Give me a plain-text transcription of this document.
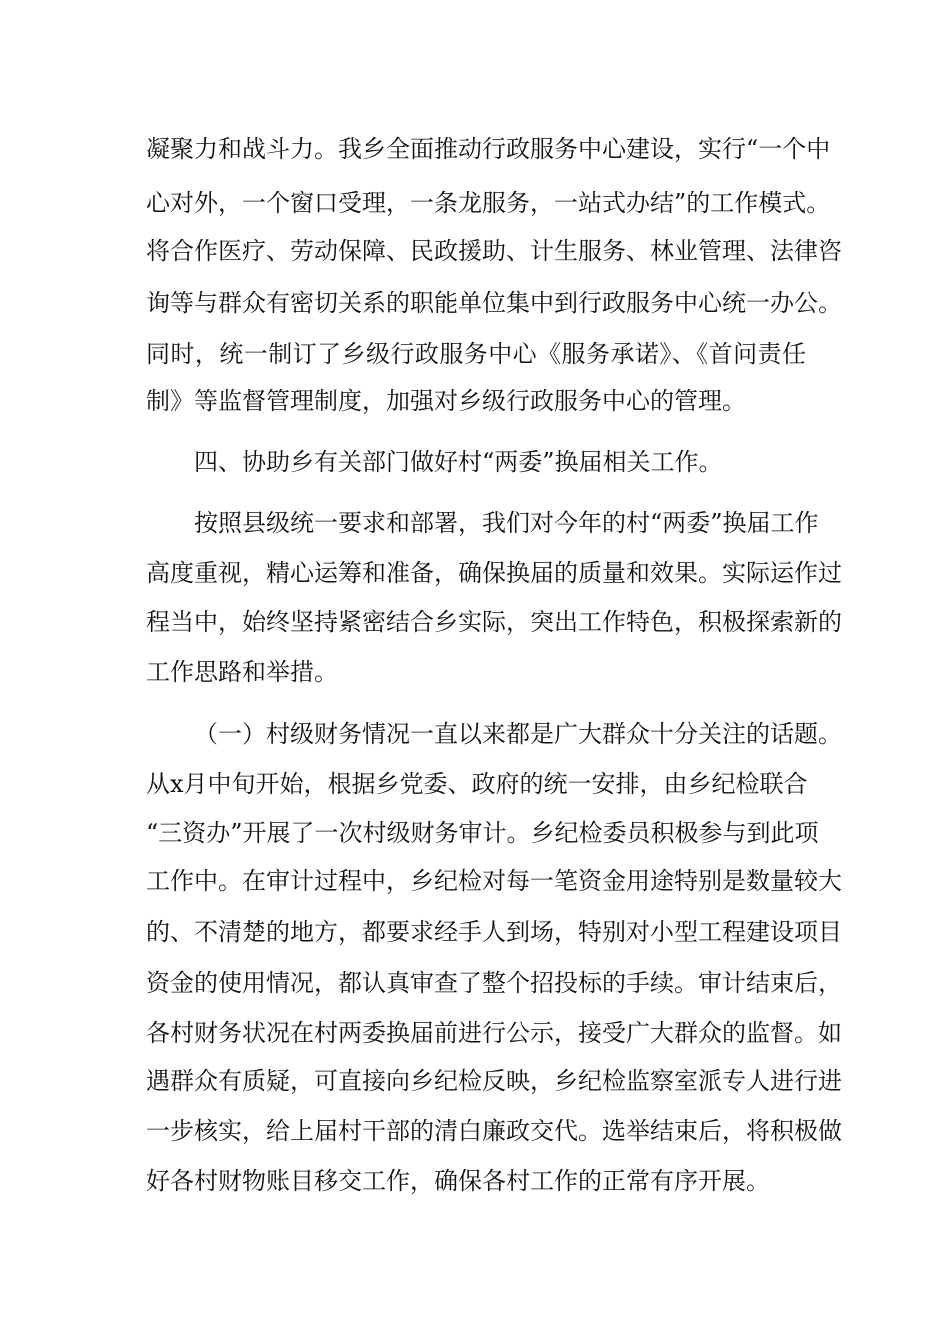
凝聚力和战斗力。我乡全面推动行政服务中心建设，实行“一个中
心对外，一个窗口受理，一条龙服务，一站式办结”的工作模式。
将合作医疗、劳动保障、民政援助、计生服务、林业管理、法律咨
询等与群众有密切关系的职能单位集中到行政服务中心统一办公。
同时，统一制订了乡级行政服务中心《服务承诺》、《首问责任
制》等监督管理制度，加强对乡级行政服务中心的管理。
四、协助乡有关部门做好村“两委”换届相关工作。
按照县级统一要求和部署，我们对今年的村“两委”换届工作
高度重视，精心运筹和准备，确保换届的质量和效果。实际运作过
程当中，始终坚持紧密结合乡实际，突出工作特色，积极探索新的
工作思路和举措。
（一）村级财务情况一直以来都是广大群众十分关注的话题。
从x月中旬开始，根据乡党委、政府的统一安排，由乡纪检联合
“三资办”开展了一次村级财务审计。乡纪检委员积极参与到此项
工作中。在审计过程中，乡纪检对每一笔资金用途特别是数量较大
的、不清楚的地方，都要求经手人到场，特别对小型工程建设项目
资金的使用情况，都认真审查了整个招投标的手续。审计结束后，
各村财务状况在村两委换届前进行公示，接受广大群众的监督。如
遇群众有质疑，可直接向乡纪检反映，乡纪检监察室派专人进行进
一步核实，给上届村干部的清白廉政交代。选举结束后，将积极做
好各村财物账目移交工作，确保各村工作的正常有序开展。
